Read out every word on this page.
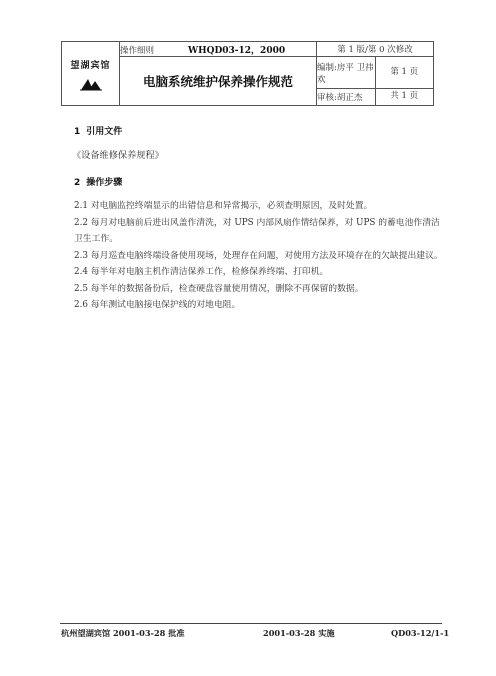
望湖宾馆	操作细则 WHQD03-12，2000	第 1 版/第 0 次修改	
	电脑系统维护保养操作规范	编制:房平 卫祎欢	第 1 页
		审核:胡正杰	共 1 页

1 引用文件

《设备维修保养规程》

2 操作步骤

2.1 对电脑监控终端显示的出错信息和异常揭示，必须查明原因，及时处置。

2.2 每月对电脑前后进出风盖作清洗，对 UPS 内部风扇作情结保养，对 UPS 的蓄电池作清洁卫生工作。

2.3 每月巡查电脑终端设备使用现场，处理存在问题，对使用方法及环境存在的欠缺提出建议。

2.4 每半年对电脑主机作清洁保养工作，检修保养终端、打印机。

2.5 每半年的数据备份后，检查硬盘容量使用情况，删除不再保留的数据。

2.6 每年测试电脑接电保护线的对地电阻。

杭州望湖宾馆 2001-03-28 批准	2001-03-28 实施	QD03-12/1-1
